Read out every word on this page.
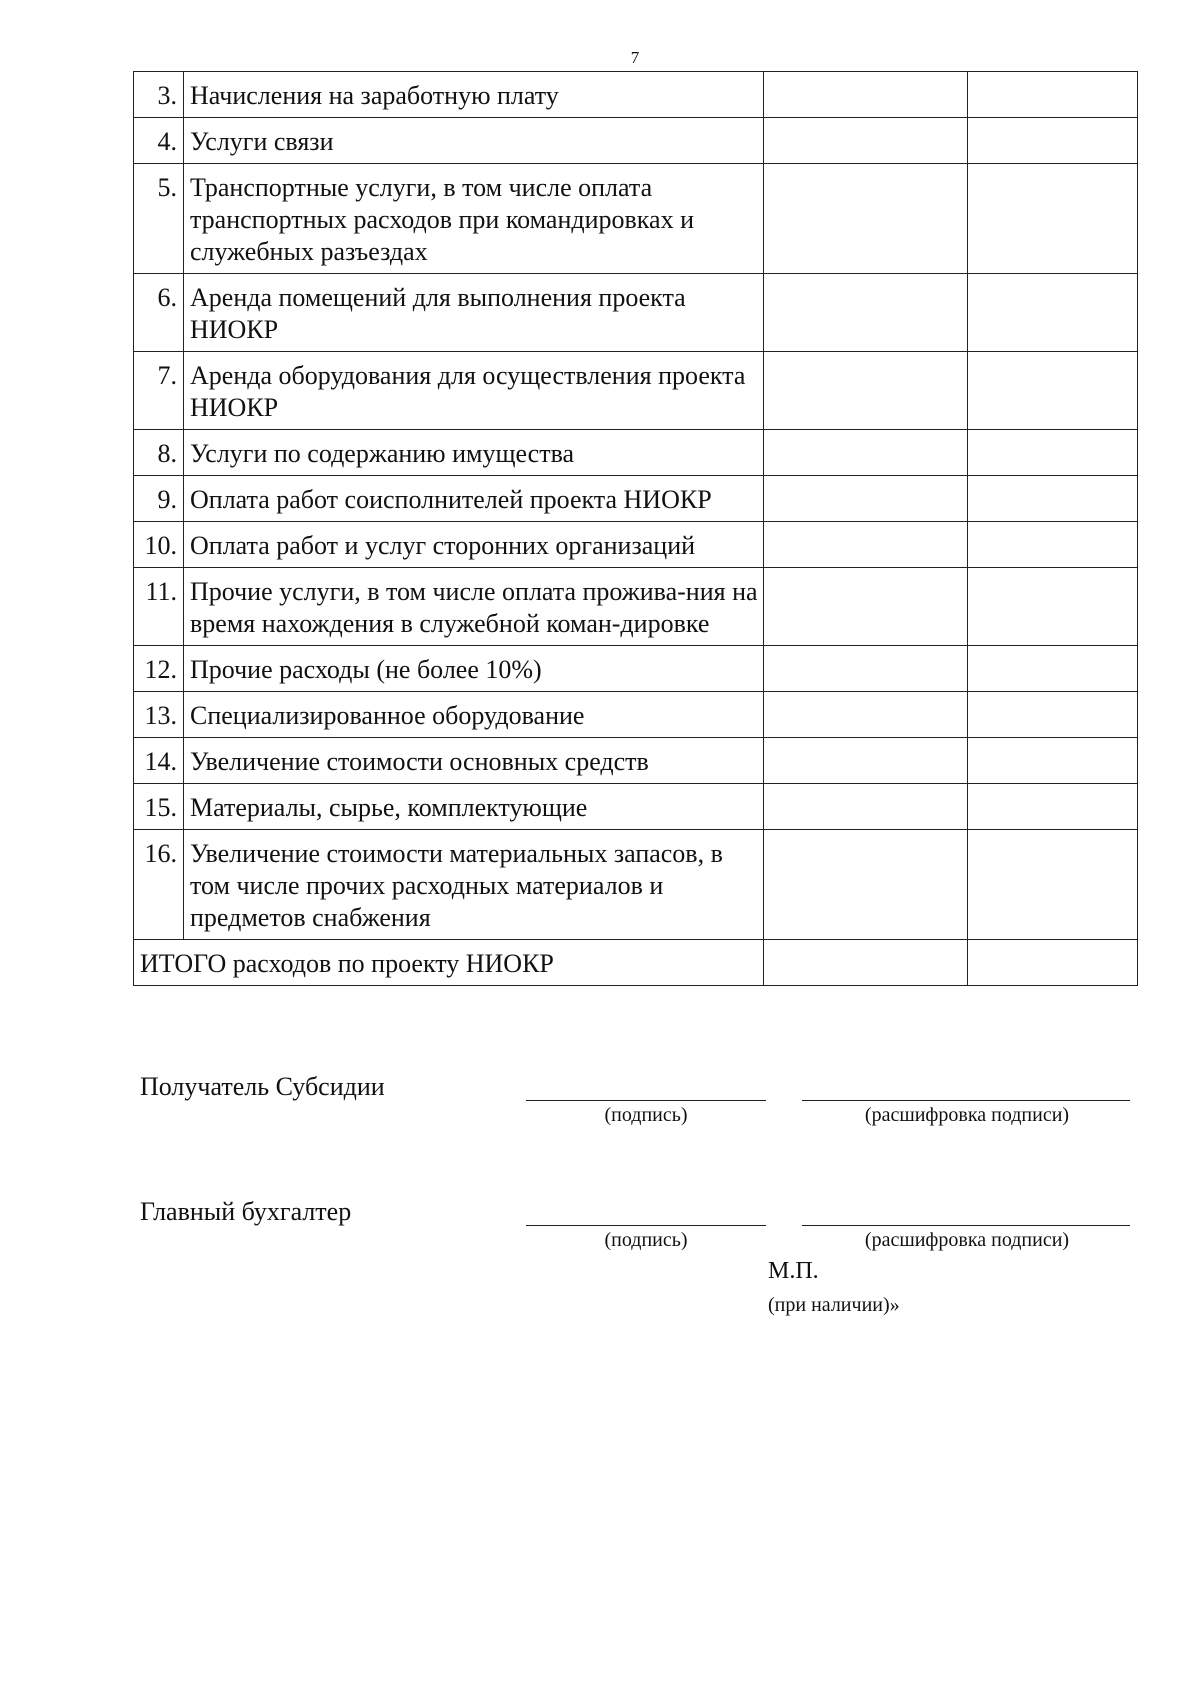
7
3.	Начисления на заработную плату		
4.	Услуги связи		
5.	Транспортные услуги, в том числе оплата транспортных расходов при командировках и служебных разъездах		
6.	Аренда помещений для выполнения проекта НИОКР		
7.	Аренда оборудования для осуществления проекта НИОКР		
8.	Услуги по содержанию имущества		
9.	Оплата работ соисполнителей проекта НИОКР		
10.	Оплата работ и услуг сторонних организаций		
11.	Прочие услуги, в том числе оплата прожива-ния на время нахождения в служебной коман-дировке		
12.	Прочие расходы (не более 10%)		
13.	Специализированное оборудование		
14.	Увеличение стоимости основных средств		
15.	Материалы, сырье, комплектующие		
16.	Увеличение стоимости материальных запасов, в том числе прочих расходных материалов и предметов снабжения		
ИТОГО расходов по проекту НИОКР			
Получатель Субсидии
(подпись)	(расшифровка подписи)
Главный бухгалтер
(подпись)	(расшифровка подписи)
М.П.
(при наличии)»
